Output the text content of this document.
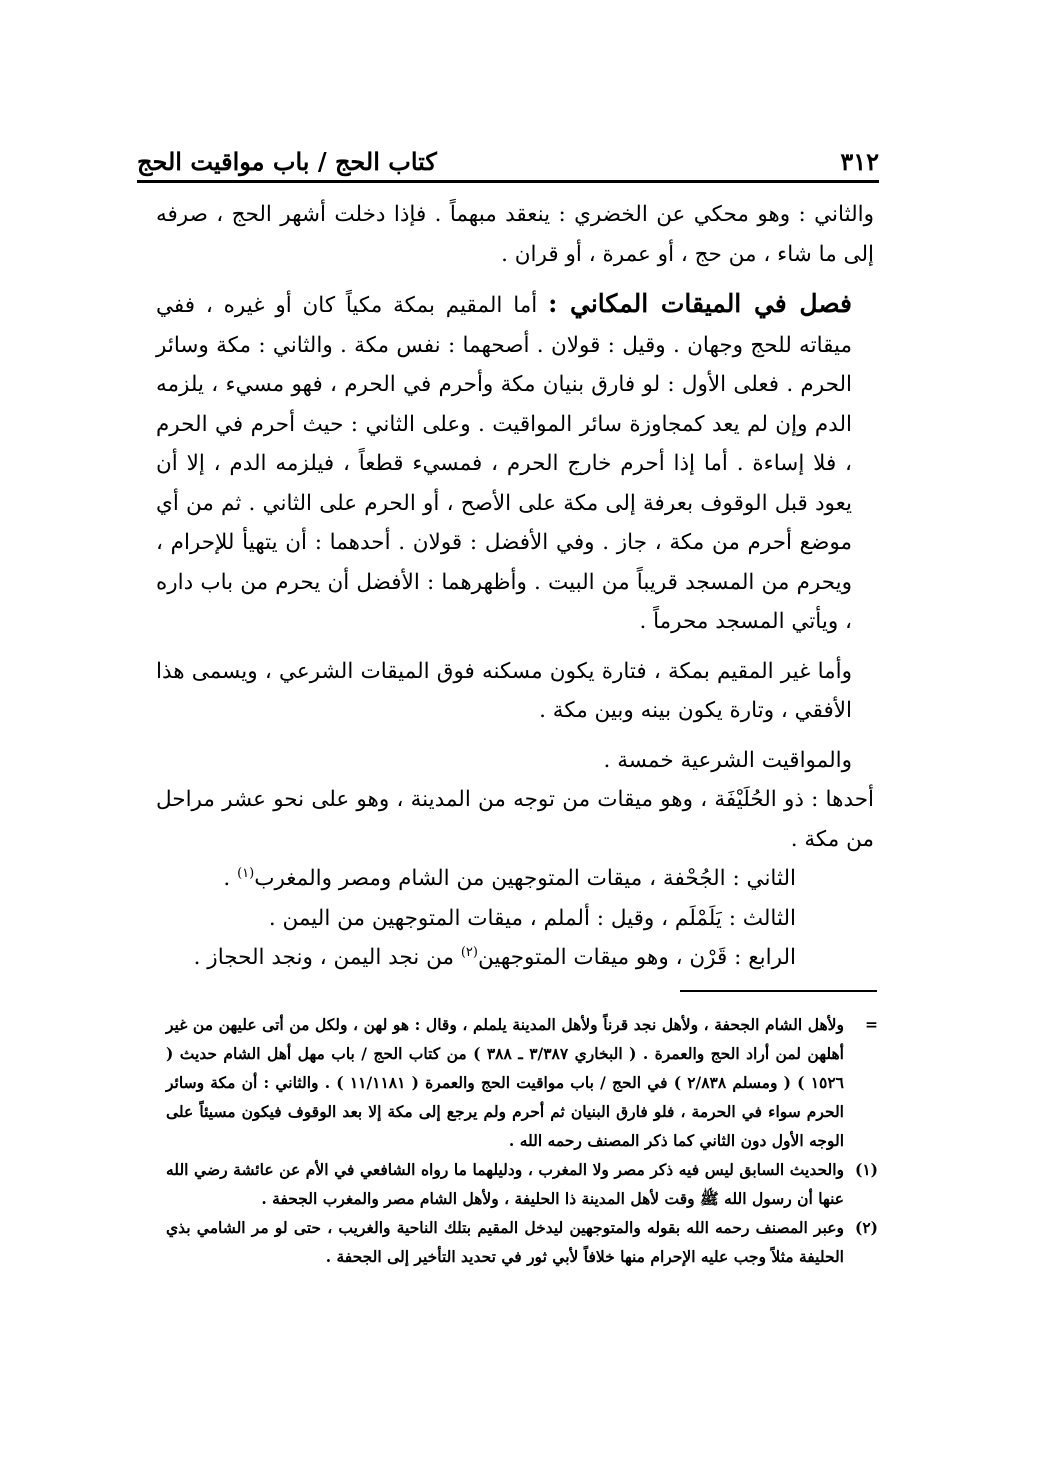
٣١٢
كتاب الحج / باب مواقيت الحج

والثاني : وهو محكي عن الخضري : ينعقد مبهماً . فإذا دخلت أشهر الحج ، صرفه إلى ما شاء ، من حج ، أو عمرة ، أو قران .

فصل في الميقات المكاني : أما المقيم بمكة مكياً كان أو غيره ، ففي ميقاته للحج وجهان . وقيل : قولان . أصحهما : نفس مكة . والثاني : مكة وسائر الحرم . فعلى الأول : لو فارق بنيان مكة وأحرم في الحرم ، فهو مسيء ، يلزمه الدم وإن لم يعد كمجاوزة سائر المواقيت . وعلى الثاني : حيث أحرم في الحرم ، فلا إساءة . أما إذا أحرم خارج الحرم ، فمسيء قطعاً ، فيلزمه الدم ، إلا أن يعود قبل الوقوف بعرفة إلى مكة على الأصح ، أو الحرم على الثاني . ثم من أي موضع أحرم من مكة ، جاز . وفي الأفضل : قولان . أحدهما : أن يتهيأ للإحرام ، ويحرم من المسجد قريباً من البيت . وأظهرهما : الأفضل أن يحرم من باب داره ، ويأتي المسجد محرماً .

وأما غير المقيم بمكة ، فتارة يكون مسكنه فوق الميقات الشرعي ، ويسمى هذا الأفقي ، وتارة يكون بينه وبين مكة .

والمواقيت الشرعية خمسة .

أحدها : ذو الحُلَيْفَة ، وهو ميقات من توجه من المدينة ، وهو على نحو عشر مراحل من مكة .

الثاني : الجُحْفة ، ميقات المتوجهين من الشام ومصر والمغرب$^{(١)}$ .

الثالث : يَلَمْلَم ، وقيل : ألملم ، ميقات المتوجهين من اليمن .

الرابع : قَرْن ، وهو ميقات المتوجهين$^{(٢)}$ من نجد اليمن ، ونجد الحجاز .

=
ولأهل الشام الجحفة ، ولأهل نجد قرناً ولأهل المدينة يلملم ، وقال : هو لهن ، ولكل من أتى عليهن من غير أهلهن لمن أراد الحج والعمرة . ( البخاري ٣/٣٨٧ ـ ٣٨٨ ) من كتاب الحج / باب مهل أهل الشام حديث ( ١٥٢٦ ) ( ومسلم ٢/٨٣٨ ) في الحج / باب مواقيت الحج والعمرة ( ١١/١١٨١ ) . والثاني : أن مكة وسائر الحرم سواء في الحرمة ، فلو فارق البنيان ثم أحرم ولم يرجع إلى مكة إلا بعد الوقوف فيكون مسيئاً على الوجه الأول دون الثاني كما ذكر المصنف رحمه الله .
(١)
والحديث السابق ليس فيه ذكر مصر ولا المغرب ، ودليلهما ما رواه الشافعي في الأم عن عائشة رضي الله عنها أن رسول الله ﷺ وقت لأهل المدينة ذا الحليفة ، ولأهل الشام مصر والمغرب الجحفة .
(٢)
وعبر المصنف رحمه الله بقوله والمتوجهين ليدخل المقيم بتلك الناحية والغريب ، حتى لو مر الشامي بذي الحليفة مثلاً وجب عليه الإحرام منها خلافاً لأبي ثور في تحديد التأخير إلى الجحفة .
